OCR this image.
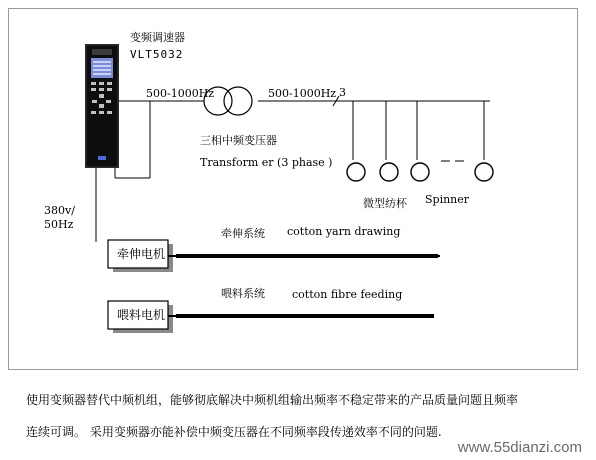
变频调速器
VLT5032
500-1000Hz	500-1000Hz 3
三相中频变压器
Transform er (3 phase )
微型纺杯 Spinner
380v/
50Hz
牵伸系统 cotton yarn drawing
牵伸电机
喂料系统 cotton fibre feeding
喂料电机
使用变频器替代中频机组，能够彻底解决中频机组输出频率不稳定带来的产品质量问题且频率
连续可调。 采用变频器亦能补偿中频变压器在不同频率段传递效率不同的问题.
www.55dianzi.com
